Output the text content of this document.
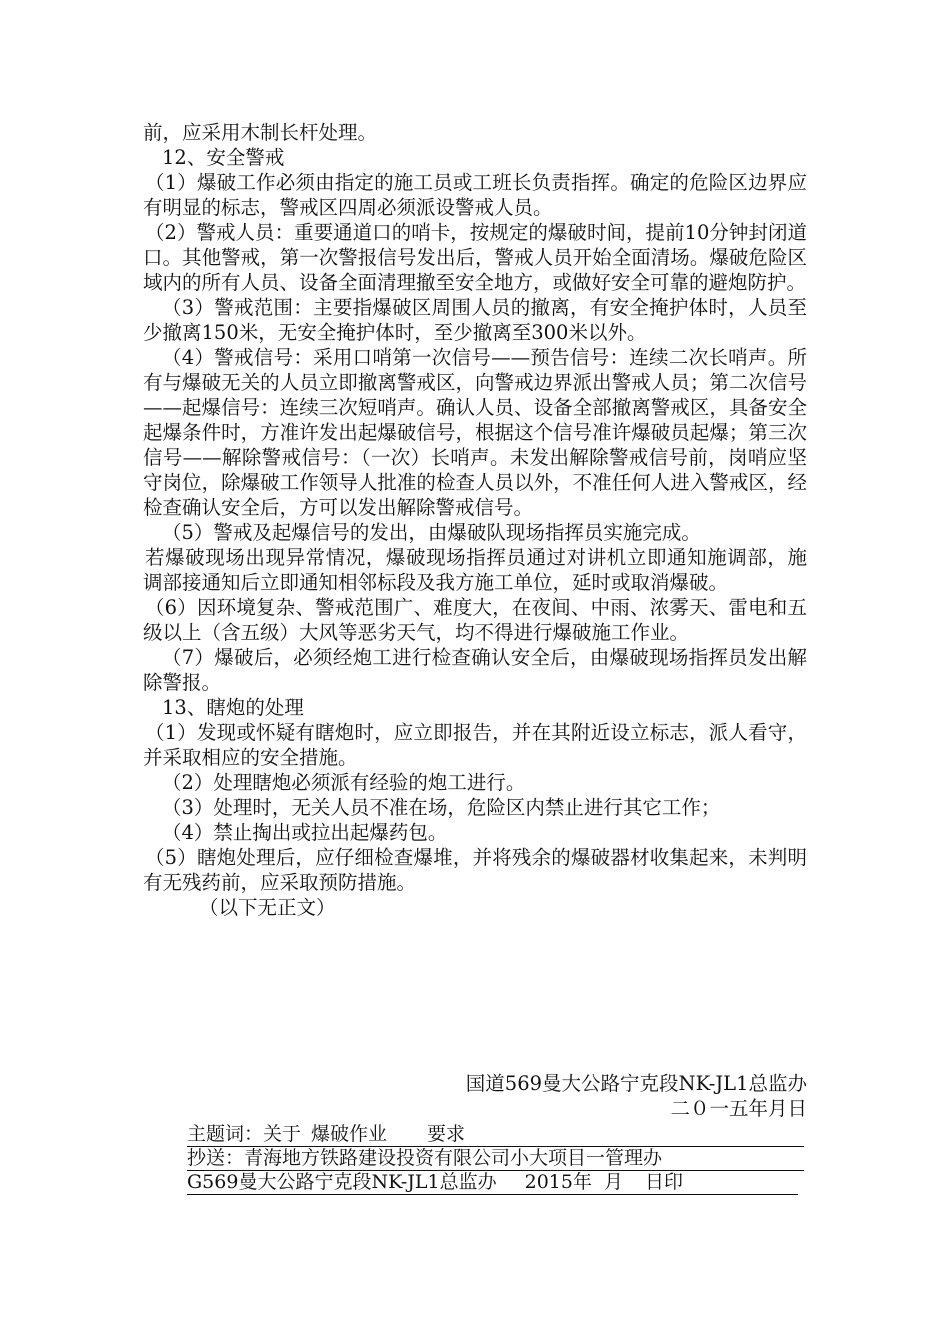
前，应采用木制长杆处理。

12、安全警戒

（1）爆破工作必须由指定的施工员或工班长负责指挥。确定的危险区边界应有明显的标志，警戒区四周必须派设警戒人员。

（2）警戒人员：重要通道口的哨卡，按规定的爆破时间，提前10分钟封闭道口。其他警戒，第一次警报信号发出后，警戒人员开始全面清场。爆破危险区域内的所有人员、设备全面清理撤至安全地方，或做好安全可靠的避炮防护。

（3）警戒范围：主要指爆破区周围人员的撤离，有安全掩护体时，人员至少撤离150米，无安全掩护体时，至少撤离至300米以外。

（4）警戒信号：采用口哨第一次信号——预告信号：连续二次长哨声。所有与爆破无关的人员立即撤离警戒区，向警戒边界派出警戒人员；第二次信号——起爆信号：连续三次短哨声。确认人员、设备全部撤离警戒区，具备安全起爆条件时，方准许发出起爆破信号，根据这个信号准许爆破员起爆；第三次信号——解除警戒信号：（一次）长哨声。未发出解除警戒信号前，岗哨应坚守岗位，除爆破工作领导人批准的检查人员以外，不准任何人进入警戒区，经检查确认安全后，方可以发出解除警戒信号。

（5）警戒及起爆信号的发出，由爆破队现场指挥员实施完成。

若爆破现场出现异常情况，爆破现场指挥员通过对讲机立即通知施调部，施调部接通知后立即通知相邻标段及我方施工单位，延时或取消爆破。

（6）因环境复杂、警戒范围广、难度大，在夜间、中雨、浓雾天、雷电和五级以上（含五级）大风等恶劣天气，均不得进行爆破施工作业。

（7）爆破后，必须经炮工进行检查确认安全后，由爆破现场指挥员发出解除警报。

13、瞎炮的处理

（1）发现或怀疑有瞎炮时，应立即报告，并在其附近设立标志，派人看守，并采取相应的安全措施。

（2）处理瞎炮必须派有经验的炮工进行。

（3）处理时，无关人员不准在场，危险区内禁止进行其它工作；

（4）禁止掏出或拉出起爆药包。

（5）瞎炮处理后，应仔细检查爆堆，并将残余的爆破器材收集起来，未判明有无残药前，应采取预防措施。

（以下无正文）

国道569曼大公路宁克段NK-JL1总监办
二０一五年月日
主题词：关于 爆破作业 要求
抄送：青海地方铁路建设投资有限公司小大项目一管理办
G569曼大公路宁克段NK-JL1总监办 2015年 月 日印
